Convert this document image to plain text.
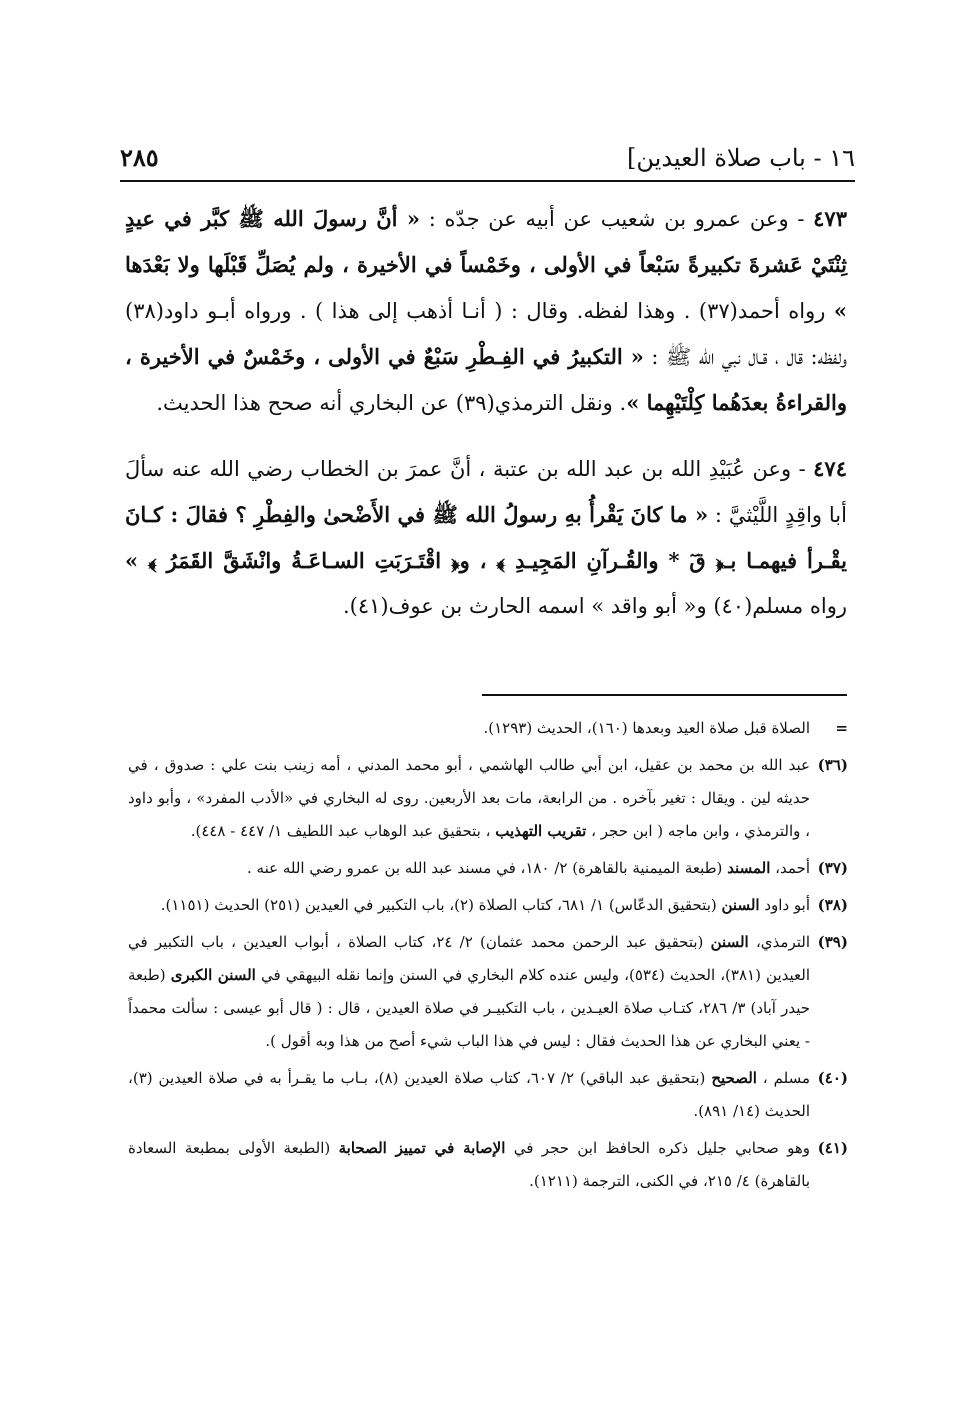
١٦ - باب صلاة العيدين]
٢٨٥

٤٧٣ - وعن عمرو بن شعيب عن أبيه عن جدّه : « أنَّ رسولَ الله ﷺ كبَّر في عيدٍ ثِنْتَيْ عَشرةَ تكبيرةً سَبْعاً في الأولى ، وخَمْساً في الأخيرة ، ولم يُصَلِّ قَبْلَها ولا بَعْدَها » رواه أحمد(٣٧) . وهذا لفظه. وقال : ( أنـا أذهب إلى هذا ) . ورواه أبـو داود(٣٨) ولفظه: قال ، قـال نبي الله ﷺ : « التكبيرُ في الفِـطْرِ سَبْعٌ في الأولى ، وخَمْسٌ في الأخيرة ، والقراءةُ بعدَهُما كِلْتَيْهِما ». ونقل الترمذي(٣٩) عن البخاري أنه صحح هذا الحديث.

٤٧٤ - وعن عُبَيْدِ الله بن عبد الله بن عتبة ، أنَّ عمرَ بن الخطاب رضي الله عنه سألَ أبا واقِدٍ اللَّيْثيَّ : « ما كانَ يَقْرأُ بهِ رسولُ الله ﷺ في الأَضْحىٰ والفِطْرِ ؟ فقالَ : كـانَ يقْـرأ فيهمـا بـ﴿ قٓ * والقُـرآنِ المَجِيـدِ ﴾ ، و﴿ اقْتَـرَبَتِ السـاعَـةُ وانْشَقَّ القَمَرُ ﴾ » رواه مسلم(٤٠) و« أبو واقد » اسمه الحارث بن عوف(٤١).

=الصلاة قبل صلاة العيد وبعدها (١٦٠)، الحديث (١٢٩٣).

(٣٦)عبد الله بن محمد بن عقيل، ابن أبي طالب الهاشمي ، أبو محمد المدني ، أمه زينب بنت علي : صدوق ، في حديثه لين . ويقال : تغير بآخره . من الرابعة، مات بعد الأربعين. روى له البخاري في «الأدب المفرد» ، وأبو داود ، والترمذي ، وابن ماجه ( ابن حجر ، تقريب التهذيب ، بتحقيق عبد الوهاب عبد اللطيف ١/ ٤٤٧ - ٤٤٨).

(٣٧)أحمد، المسند (طبعة الميمنية بالقاهرة) ٢/ ١٨٠، في مسند عبد الله بن عمرو رضي الله عنه .

(٣٨)أبو داود السنن (بتحقيق الدعّاس) ١/ ٦٨١، كتاب الصلاة (٢)، باب التكبير في العيدين (٢٥١) الحديث (١١٥١).

(٣٩)الترمذي، السنن (بتحقيق عبد الرحمن محمد عثمان) ٢/ ٢٤، كتاب الصلاة ، أبواب العيدين ، باب التكبير في العيدين (٣٨١)، الحديث (٥٣٤)، وليس عنده كلام البخاري في السنن وإنما نقله البيهقي في السنن الكبرى (طبعة حيدر آباد) ٣/ ٢٨٦، كتـاب صلاة العيـدين ، باب التكبيـر في صلاة العيدين ، قال : ( قال أبو عيسى : سألت محمداً - يعني البخاري عن هذا الحديث فقال : ليس في هذا الباب شيء أصح من هذا وبه أقول ).

(٤٠)مسلم ، الصحيح (بتحقيق عبد الباقي) ٢/ ٦٠٧، كتاب صلاة العيدين (٨)، بـاب ما يقـرأ به في صلاة العيدين (٣)، الحديث (١٤/ ٨٩١).

(٤١)وهو صحابي جليل ذكره الحافظ ابن حجر في الإصابة في تمييز الصحابة (الطبعة الأولى بمطبعة السعادة بالقاهرة) ٤/ ٢١٥، في الكنى، الترجمة (١٢١١).
